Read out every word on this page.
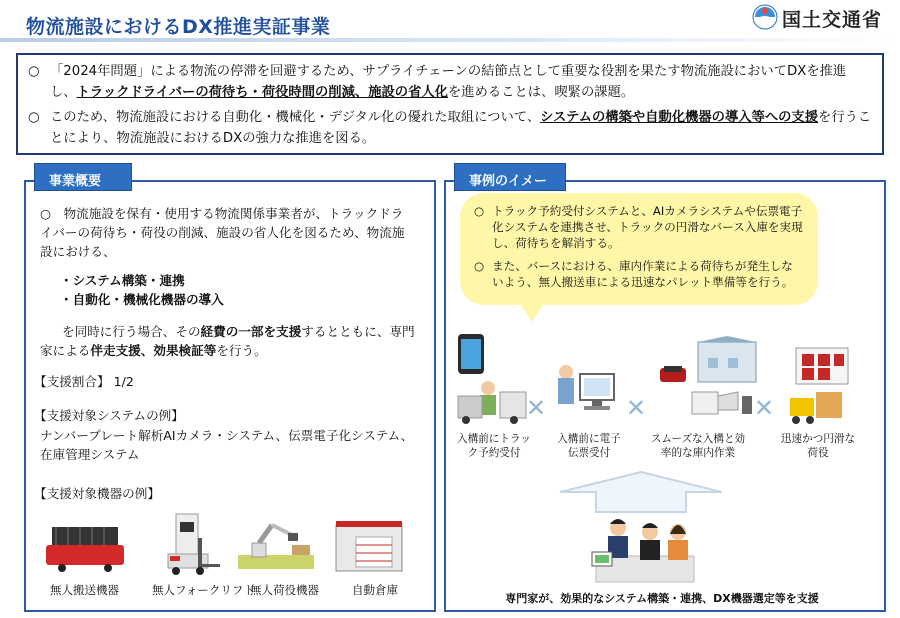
物流施設におけるDX推進実証事業	国土交通省
○ 「2024年問題」による物流の停滞を回避するため、サプライチェーンの結節点として重要な役割を果たす物流施設においてDXを推進し、トラックドライバーの荷待ち・荷役時間の削減、施設の省人化を進めることは、喫緊の課題。
○ このため、物流施設における自動化・機械化・デジタル化の優れた取組について、システムの構築や自動化機器の導入等への支援を行うことにより、物流施設におけるDXの強力な推進を図る。
事業概要
○　物流施設を保有・使用する物流関係事業者が、トラックドライバーの荷待ち・荷役の削減、施設の省人化を図るため、物流施設における、
・システム構築・連携
・自動化・機械化機器の導入
を同時に行う場合、その経費の一部を支援するとともに、専門家による伴走支援、効果検証等を行う。
【支援割合】 1/2
【支援対象システムの例】
ナンバープレート解析AIカメラ・システム、伝票電子化システム、在庫管理システム
【支援対象機器の例】
無人搬送機器	無人フォークリフト
無人荷役機器	自動倉庫
事例のイメー
○ トラック予約受付システムと、AIカメラシステムや伝票電子化システムを連携させ、トラックの円滑なバース入庫を実現し、荷待ちを解消する。
○ また、バースにおける、庫内作業による荷待ちが発生しないよう、無人搬送車による迅速なパレット準備等を行う。
✕	✕	✕
入構前にトラック予約受付
入構前に電子伝票受付
スムーズな入構と効率的な庫内作業
迅速かつ円滑な荷役
専門家が、効果的なシステム構築・連携、DX機器選定等を支援
